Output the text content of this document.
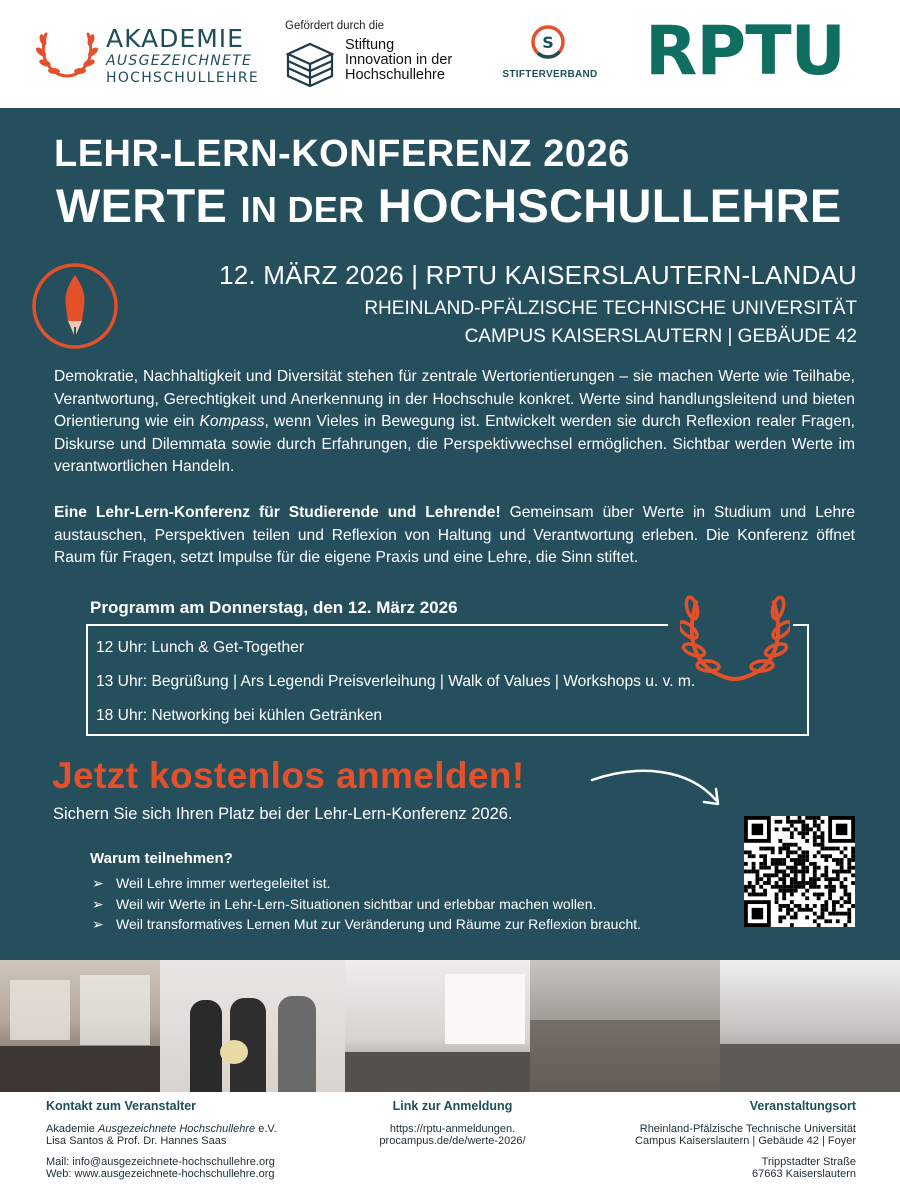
AKADEMIE
AUSGEZEICHNETE
HOCHSCHULLEHRE
Gefördert durch die
Stiftung
Innovation in der
Hochschullehre
S
STIFTERVERBAND RPTU
LEHR-LERN-KONFERENZ 2026
WERTE IN DER HOCHSCHULLEHRE
12. MÄRZ 2026 | RPTU KAISERSLAUTERN-LANDAU
RHEINLAND-PFÄLZISCHE TECHNISCHE UNIVERSITÄT
CAMPUS KAISERSLAUTERN | GEBÄUDE 42

Demokratie, Nachhaltigkeit und Diversität stehen für zentrale Wertorientierungen – sie machen Werte wie Teilhabe, Verantwortung, Gerechtigkeit und Anerkennung in der Hochschule konkret. Werte sind handlungsleitend und bieten Orientierung wie ein Kompass, wenn Vieles in Bewegung ist. Entwickelt werden sie durch Reflexion realer Fragen, Diskurse und Dilemmata sowie durch Erfahrungen, die Perspektivwechsel ermöglichen. Sichtbar werden Werte im verantwortlichen Handeln.

Eine Lehr-Lern-Konferenz für Studierende und Lehrende! Gemeinsam über Werte in Studium und Lehre austauschen, Perspektiven teilen und Reflexion von Haltung und Verantwortung erleben. Die Konferenz öffnet Raum für Fragen, setzt Impulse für die eigene Praxis und eine Lehre, die Sinn stiftet.

Programm am Donnerstag, den 12. März 2026
12 Uhr: Lunch & Get-Together
13 Uhr: Begrüßung | Ars Legendi Preisverleihung | Walk of Values | Workshops u. v. m.
18 Uhr: Networking bei kühlen Getränken
Jetzt kostenlos anmelden!
Sichern Sie sich Ihren Platz bei der Lehr-Lern-Konferenz 2026.
Warum teilnehmen?
➢ Weil Lehre immer wertegeleitet ist.
➢ Weil wir Werte in Lehr-Lern-Situationen sichtbar und erlebbar machen wollen.
➢ Weil transformatives Lernen Mut zur Veränderung und Räume zur Reflexion braucht.
Kontakt zum Veranstalter
Akademie Ausgezeichnete Hochschullehre e.V.
Lisa Santos & Prof. Dr. Hannes Saas
Mail: info@ausgezeichnete-hochschullehre.org
Web: www.ausgezeichnete-hochschullehre.org
Link zur Anmeldung
https://rptu-anmeldungen.
procampus.de/de/werte-2026/
Veranstaltungsort
Rheinland-Pfälzische Technische Universität
Campus Kaiserslautern | Gebäude 42 | Foyer
Trippstadter Straße
67663 Kaiserslautern
